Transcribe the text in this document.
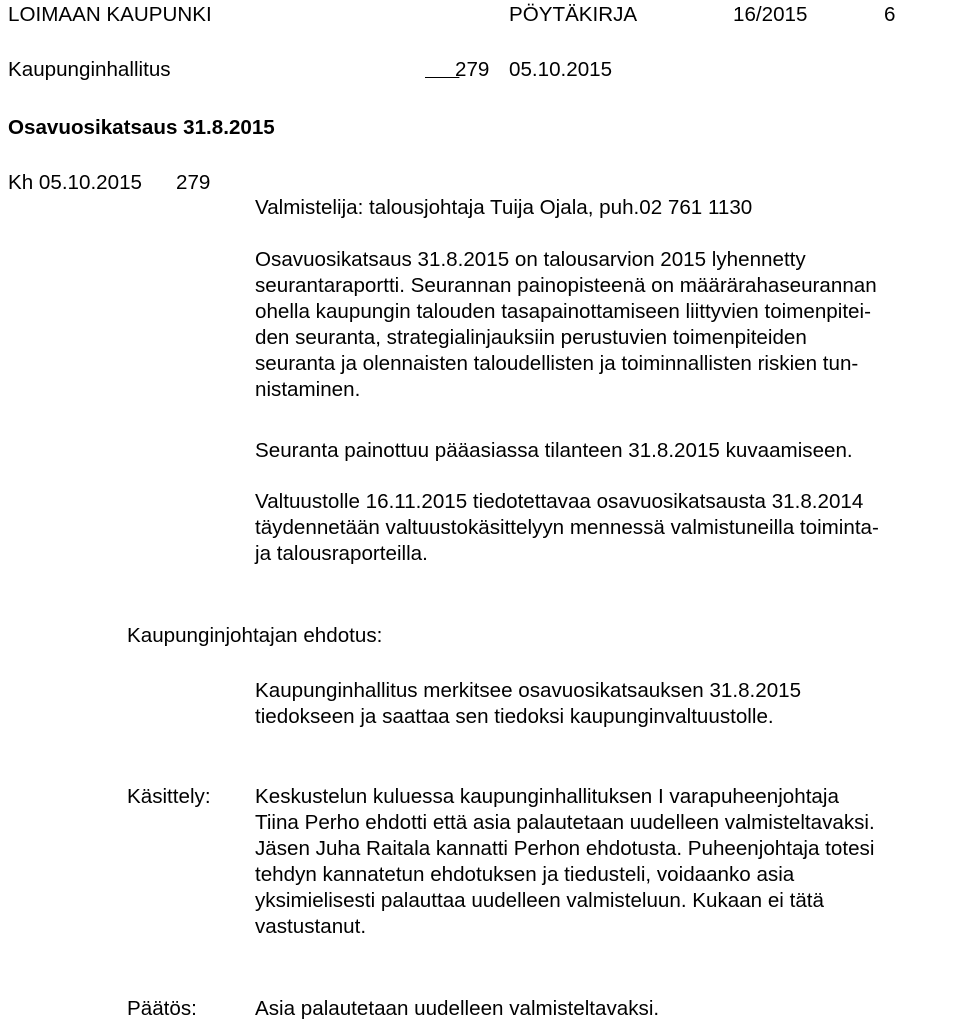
LOIMAAN KAUPUNKI	PÖYTÄKIRJA	16/2015	6
Kaupunginhallitus
   	279 05.10.2015
Osavuosikatsaus 31.8.2015
Kh 05.10.2015 279
Valmistelija: talousjohtaja Tuija Ojala, puh.02 761 1130
Osavuosikatsaus 31.8.2015 on talousarvion 2015 lyhennetty
seurantaraportti. Seurannan painopisteenä on määrärahaseurannan
ohella kaupungin talouden tasapainottamiseen liittyvien toimenpitei-
den seuranta, strategialinjauksiin perustuvien toimenpiteiden
seuranta ja olennaisten taloudellisten ja toiminnallisten riskien tun-
nistaminen.
Seuranta painottuu pääasiassa tilanteen 31.8.2015 kuvaamiseen.
Valtuustolle 16.11.2015 tiedotettavaa osavuosikatsausta 31.8.2014
täydennetään valtuustokäsittelyyn mennessä valmistuneilla toiminta-
ja talousraporteilla.
Kaupunginjohtajan ehdotus:
Kaupunginhallitus merkitsee osavuosikatsauksen 31.8.2015
tiedokseen ja saattaa sen tiedoksi kaupunginvaltuustolle.
Käsittely: Keskustelun kuluessa kaupunginhallituksen I varapuheenjohtaja
Tiina Perho ehdotti että asia palautetaan uudelleen valmisteltavaksi.
Jäsen Juha Raitala kannatti Perhon ehdotusta. Puheenjohtaja totesi
tehdyn kannatetun ehdotuksen ja tiedusteli, voidaanko asia
yksimielisesti palauttaa uudelleen valmisteluun. Kukaan ei tätä
vastustanut.
Päätös:	Asia palautetaan uudelleen valmisteltavaksi.
